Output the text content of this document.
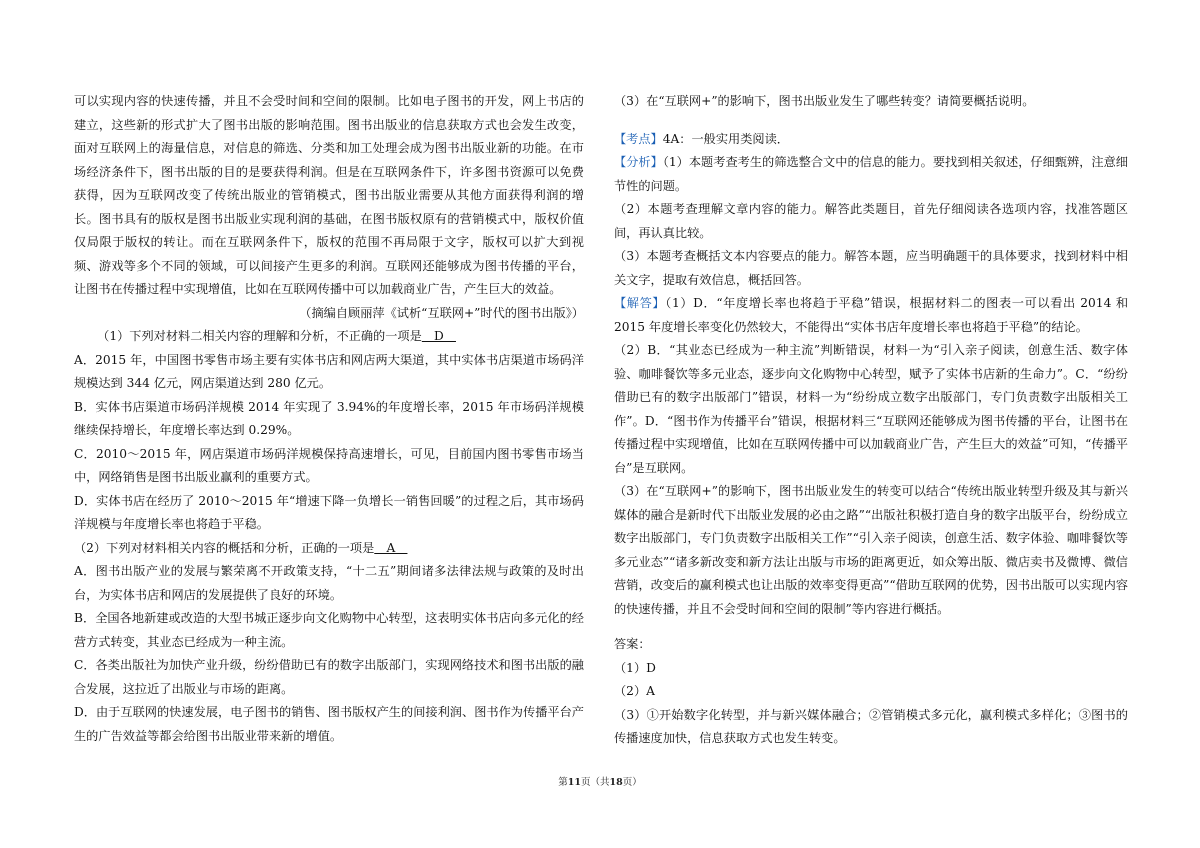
可以实现内容的快速传播，并且不会受时间和空间的限制。比如电子图书的开发，网上书店的建立，这些新的形式扩大了图书出版的影响范围。图书出版业的信息获取方式也会发生改变，面对互联网上的海量信息，对信息的筛选、分类和加工处理会成为图书出版业新的功能。在市场经济条件下，图书出版的目的是要获得利润。但是在互联网条件下，许多图书资源可以免费获得，因为互联网改变了传统出版业的管销模式，图书出版业需要从其他方面获得利润的增长。图书具有的版权是图书出版业实现利润的基础，在图书版权原有的营销模式中，版权价值仅局限于版权的转让。而在互联网条件下，版权的范围不再局限于文字，版权可以扩大到视频、游戏等多个不同的领域，可以间接产生更多的利润。互联网还能够成为图书传播的平台，让图书在传播过程中实现增值，比如在互联网传播中可以加载商业广告，产生巨大的效益。

（摘编自顾丽萍《试析“互联网+”时代的图书出版》）

（1）下列对材料二相关内容的理解和分析，不正确的一项是　D　

A．2015 年，中国图书零售市场主要有实体书店和网店两大渠道，其中实体书店渠道市场码洋规模达到 344 亿元，网店渠道达到 280 亿元。

B．实体书店渠道市场码洋规模 2014 年实现了 3.94%的年度增长率，2015 年市场码洋规模继续保持增长，年度增长率达到 0.29%。

C．2010～2015 年，网店渠道市场码洋规模保持高速增长，可见，目前国内图书零售市场当中，网络销售是图书出版业赢利的重要方式。

D．实体书店在经历了 2010～2015 年“增速下降一负增长一销售回暖”的过程之后，其市场码洋规模与年度增长率也将趋于平稳。

（2）下列对材料相关内容的概括和分析，正确的一项是　A　

A．图书出版产业的发展与繁荣离不开政策支持，“十二五”期间诸多法律法规与政策的及时出台，为实体书店和网店的发展提供了良好的环境。

B．全国各地新建或改造的大型书城正逐步向文化购物中心转型，这表明实体书店向多元化的经营方式转变，其业态已经成为一种主流。

C．各类出版社为加快产业升级，纷纷借助已有的数字出版部门，实现网络技术和图书出版的融合发展，这拉近了出版业与市场的距离。

D．由于互联网的快速发展，电子图书的销售、图书版权产生的间接利润、图书作为传播平台产生的广告效益等都会给图书出版业带来新的增值。

（3）在“互联网+”的影响下，图书出版业发生了哪些转变？请简要概括说明。

【考点】4A：一般实用类阅读．

【分析】（1）本题考查考生的筛选整合文中的信息的能力。要找到相关叙述，仔细甄辨，注意细节性的问题。

（2）本题考查理解文章内容的能力。解答此类题目，首先仔细阅读各选项内容，找准答题区间，再认真比较。

（3）本题考查概括文本内容要点的能力。解答本题，应当明确题干的具体要求，找到材料中相关文字，提取有效信息，概括回答。

【解答】（1）D．“年度增长率也将趋于平稳”错误，根据材料二的图表一可以看出 2014 和 2015 年度增长率变化仍然较大，不能得出“实体书店年度增长率也将趋于平稳”的结论。

（2）B．“其业态已经成为一种主流”判断错误，材料一为“引入亲子阅读，创意生活、数字体验、咖啡餐饮等多元业态，逐步向文化购物中心转型，赋予了实体书店新的生命力”。C．“纷纷借助已有的数字出版部门”错误，材料一为“纷纷成立数字出版部门，专门负责数字出版相关工作”。D．“图书作为传播平台”错误，根据材料三“互联网还能够成为图书传播的平台，让图书在传播过程中实现增值，比如在互联网传播中可以加载商业广告，产生巨大的效益”可知，“传播平台”是互联网。

（3）在“互联网+”的影响下，图书出版业发生的转变可以结合“传统出版业转型升级及其与新兴媒体的融合是新时代下出版业发展的必由之路”“出版社积极打造自身的数字出版平台，纷纷成立数字出版部门，专门负责数字出版相关工作”“引入亲子阅读，创意生活、数字体验、咖啡餐饮等多元业态”“诸多新改变和新方法让出版与市场的距离更近，如众筹出版、微店卖书及微博、微信营销，改变后的赢利模式也让出版的效率变得更高”“借助互联网的优势，因书出版可以实现内容的快速传播，并且不会受时间和空间的限制”等内容进行概括。

答案：

（1）D

（2）A

（3）①开始数字化转型，并与新兴媒体融合；②管销模式多元化，赢利模式多样化；③图书的传播速度加快，信息获取方式也发生转变。

第11页（共18页）
